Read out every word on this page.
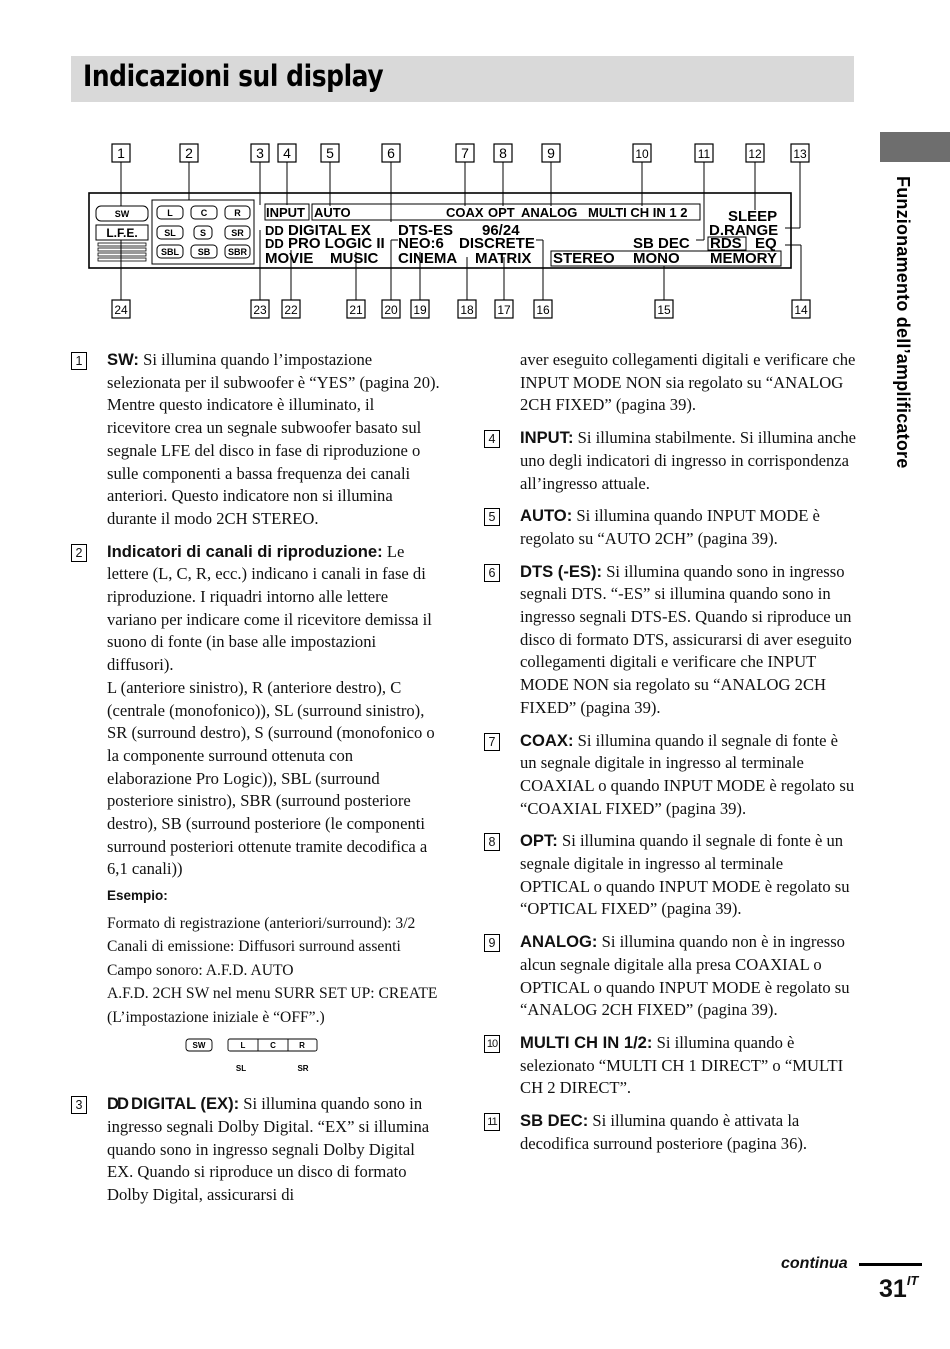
Indicazioni sul display
Funzionamento dell’amplificatore
1	2	3 4	5	6	7 8	9	10	11	12	13
24	23 22	21 20 19	18 17 16	15	14
SW
L.F.E.
L	C	R
SL	S	SR
SBL SB SBR
INPUT AUTO	COAX OPT ANALOG MULTI CH IN 1 2	SLEEP
DD DIGITAL EX DTS-ES 96/24	D.RANGE
DD PRO LOGIC II NEO:6 DISCRETE	SB DEC RDS EQ
MOVIE MUSIC CINEMA MATRIX STEREO MONO MEMORY

1 SW: Si illumina quando l’impostazione selezionata per il subwoofer è “YES” (pagina 20). Mentre questo indicatore è illuminato, il ricevitore crea un segnale subwoofer basato sul segnale LFE del disco in fase di riproduzione o sulle componenti a bassa frequenza dei canali anteriori. Questo indicatore non si illumina durante il modo 2CH STEREO.

2 Indicatori di canali di riproduzione: Le lettere (L, C, R, ecc.) indicano i canali in fase di riproduzione. I riquadri intorno alle lettere variano per indicare come il ricevitore demissa il suono di fonte (in base alle impostazioni diffusori).
L (anteriore sinistro), R (anteriore destro), C (centrale (monofonico)), SL (surround sinistro), SR (surround destro), S (surround (monofonico o la componente surround ottenuta con elaborazione Pro Logic)), SBL (surround posteriore sinistro), SBR (surround posteriore destro), SB (surround posteriore (le componenti surround posteriori ottenute tramite decodifica a 6,1 canali))

Esempio:
Formato di registrazione (anteriori/surround): 3/2
Canali di emissione: Diffusori surround assenti
Campo sonoro: A.F.D. AUTO
A.F.D. 2CH SW nel menu SURR SET UP: CREATE
(L’impostazione iniziale è “OFF”.)
SW	L	C	R
SL	SR

3 DD DIGITAL (EX): Si illumina quando sono in ingresso segnali Dolby Digital. “EX” si illumina quando sono in ingresso segnali Dolby Digital EX. Quando si riproduce un disco di formato Dolby Digital, assicurarsi di

aver eseguito collegamenti digitali e verificare che INPUT MODE NON sia regolato su “ANALOG 2CH FIXED” (pagina 39).

4 INPUT: Si illumina stabilmente. Si illumina anche uno degli indicatori di ingresso in corrispondenza all’ingresso attuale.

5 AUTO: Si illumina quando INPUT MODE è regolato su “AUTO 2CH” (pagina 39).

6 DTS (-ES): Si illumina quando sono in ingresso segnali DTS. “-ES” si illumina quando sono in ingresso segnali DTS-ES. Quando si riproduce un disco di formato DTS, assicurarsi di aver eseguito collegamenti digitali e verificare che INPUT MODE NON sia regolato su “ANALOG 2CH FIXED” (pagina 39).

7 COAX: Si illumina quando il segnale di fonte è un segnale digitale in ingresso al terminale COAXIAL o quando INPUT MODE è regolato su “COAXIAL FIXED” (pagina 39).

8 OPT: Si illumina quando il segnale di fonte è un segnale digitale in ingresso al terminale OPTICAL o quando INPUT MODE è regolato su “OPTICAL FIXED” (pagina 39).

9 ANALOG: Si illumina quando non è in ingresso alcun segnale digitale alla presa COAXIAL o OPTICAL o quando INPUT MODE è regolato su “ANALOG 2CH FIXED” (pagina 39).

10 MULTI CH IN 1/2: Si illumina quando è selezionato “MULTI CH 1 DIRECT” o “MULTI CH 2 DIRECT”.

11 SB DEC: Si illumina quando è attivata la decodifica surround posteriore (pagina 36).

continua
$31^{IT}$
